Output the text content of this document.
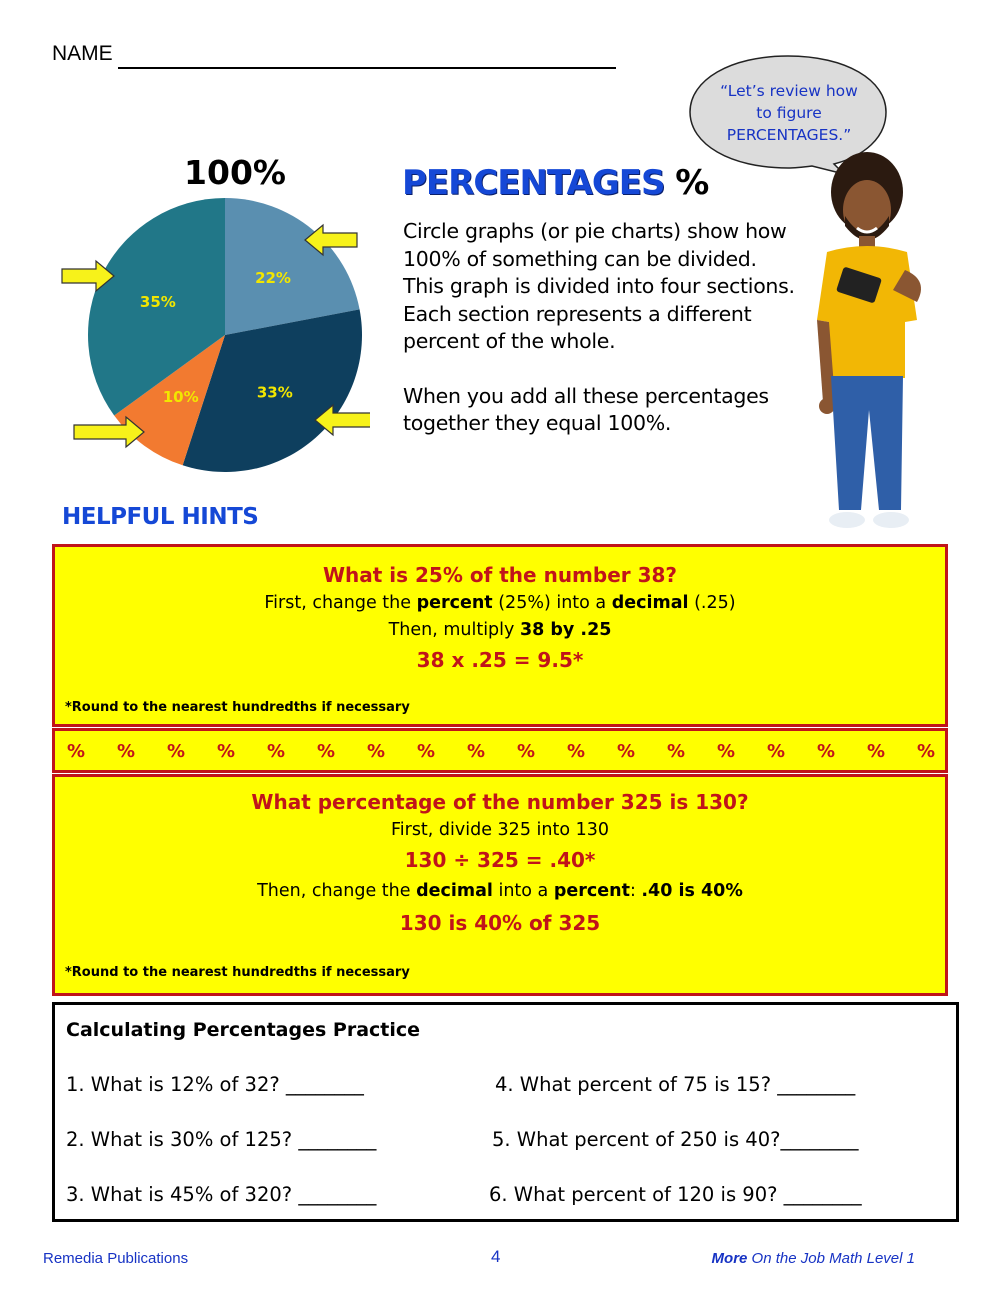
NAME
“Let’s review how
to figure
PERCENTAGES.”
100%
22%
33%
10%
35%
PERCENTAGES %

Circle graphs (or pie charts) show how 100% of something can be divided. This graph is divided into four sections. Each section represents a different percent of the whole.

When you add all these percentages together they equal 100%.

HELPFUL HINTS
What is 25% of the number 38?
First, change the percent (25%) into a decimal (.25)
Then, multiply 38 by .25
38 x .25 = 9.5*
*Round to the nearest hundredths if necessary
% % % % % % % % % % % % % % % % % %
What percentage of the number 325 is 130?
First, divide 325 into 130
130 ÷ 325 = .40*
Then, change the decimal into a percent: .40 is 40%
130 is 40% of 325
*Round to the nearest hundredths if necessary
Calculating Percentages Practice
1. What is 12% of 32? ________
2. What is 30% of 125? ________
3. What is 45% of 320? ________
4. What percent of 75 is 15? ________
5. What percent of 250 is 40?________
6. What percent of 120 is 90? ________
Remedia Publications	4	More On the Job Math Level 1
